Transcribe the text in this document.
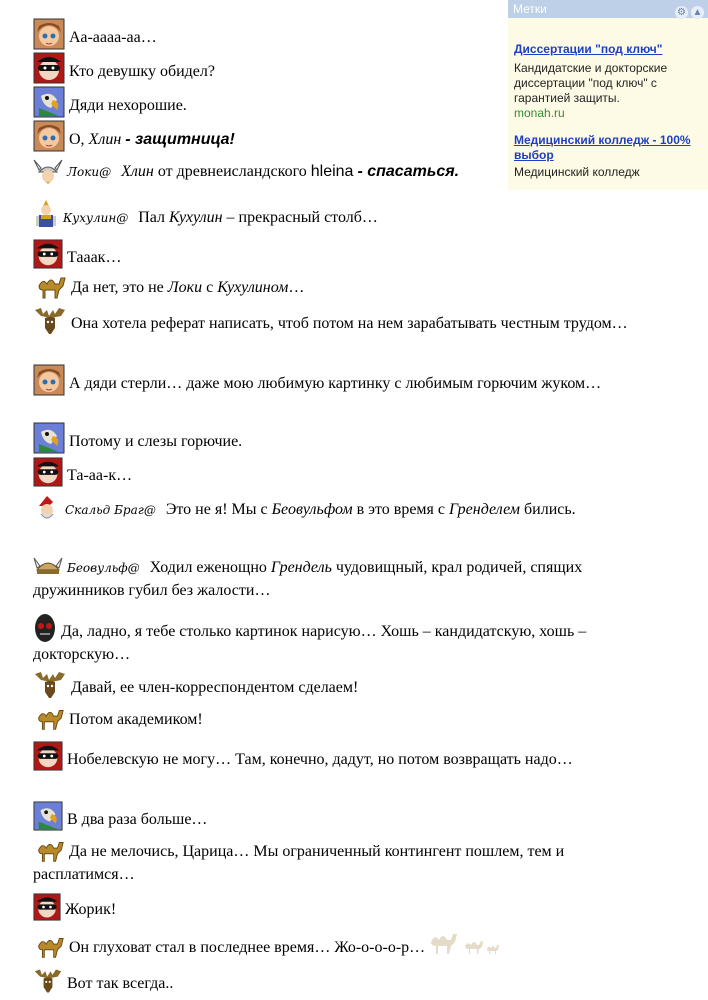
Аа-аааа-аа…
Кто девушку обидел?
Дяди нехорошие.
О, Хлин - защитница!
Локи@ Хлин от древнеисландского hleina - спасаться.
Кухулин@ Пал Кухулин – прекрасный столб…
Тааак…
Да нет, это не Локи с Кухулином…
Она хотела реферат написать, чтоб потом на нем зарабатывать честным трудом…
А дяди стерли… даже мою любимую картинку с любимым горючим жуком…
Потому и слезы горючие.
Та-аа-к…
Скальд Браг@ Это не я! Мы с Беовульфом в это время с Гренделем бились.
Беовульф@ Ходил еженощно Грендель чудовищный, крал родичей, спящих дружинников губил без жалости…
Да, ладно, я тебе столько картинок нарисую… Хошь – кандидатскую, хошь – докторскую…
Давай, ее член-корреспондентом сделаем!
Потом академиком!
Нобелевскую не могу… Там, конечно, дадут, но потом возвращать надо…
В два раза больше…
Да не мелочись, Царица… Мы ограниченный контингент пошлем, тем и расплатимся…
Жорик!
Он глуховат стал в последнее время… Жо-о-о-о-р…
Вот так всегда..
Метки	⚙ ▲
Диссертации "под ключ"
Кандидатские и докторские диссертации "под ключ" с гарантией защиты.
monah.ru
Медицинский колледж - 100% выбор
Медицинский колледж
